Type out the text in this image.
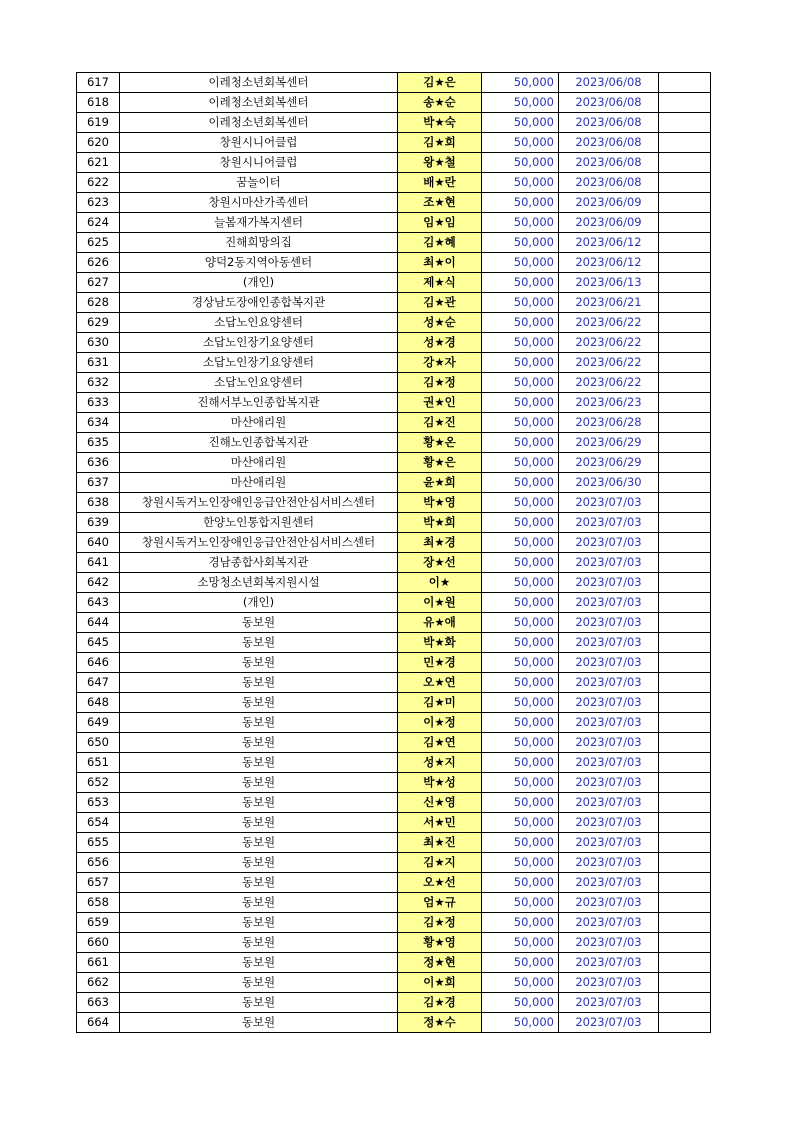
617	이레청소년회복센터	김★은	50,000	2023/06/08	
618	이레청소년회복센터	송★순	50,000	2023/06/08	
619	이레청소년회복센터	박★숙	50,000	2023/06/08	
620	창원시니어클럽	김★희	50,000	2023/06/08	
621	창원시니어클럽	왕★철	50,000	2023/06/08	
622	꿈놀이터	배★란	50,000	2023/06/08	
623	창원시마산가족센터	조★현	50,000	2023/06/09	
624	늘봄재가복지센터	임★임	50,000	2023/06/09	
625	진해희망의집	김★혜	50,000	2023/06/12	
626	양덕2동지역아동센터	최★이	50,000	2023/06/12	
627	(개인)	제★식	50,000	2023/06/13	
628	경상남도장애인종합복지관	김★관	50,000	2023/06/21	
629	소답노인요양센터	성★순	50,000	2023/06/22	
630	소답노인장기요양센터	성★경	50,000	2023/06/22	
631	소답노인장기요양센터	강★자	50,000	2023/06/22	
632	소답노인요양센터	김★정	50,000	2023/06/22	
633	진해서부노인종합복지관	권★인	50,000	2023/06/23	
634	마산애리원	김★진	50,000	2023/06/28	
635	진해노인종합복지관	황★온	50,000	2023/06/29	
636	마산애리원	황★은	50,000	2023/06/29	
637	마산애리원	윤★희	50,000	2023/06/30	
638	창원시독거노인장애인응급안전안심서비스센터	박★영	50,000	2023/07/03	
639	한양노인통합지원센터	박★희	50,000	2023/07/03	
640	창원시독거노인장애인응급안전안심서비스센터	최★경	50,000	2023/07/03	
641	경남종합사회복지관	장★선	50,000	2023/07/03	
642	소망청소년회복지원시설	이★	50,000	2023/07/03	
643	(개인)	이★원	50,000	2023/07/03	
644	동보원	유★애	50,000	2023/07/03	
645	동보원	박★화	50,000	2023/07/03	
646	동보원	민★경	50,000	2023/07/03	
647	동보원	오★연	50,000	2023/07/03	
648	동보원	김★미	50,000	2023/07/03	
649	동보원	이★정	50,000	2023/07/03	
650	동보원	김★연	50,000	2023/07/03	
651	동보원	성★지	50,000	2023/07/03	
652	동보원	박★성	50,000	2023/07/03	
653	동보원	신★영	50,000	2023/07/03	
654	동보원	서★민	50,000	2023/07/03	
655	동보원	최★진	50,000	2023/07/03	
656	동보원	김★지	50,000	2023/07/03	
657	동보원	오★선	50,000	2023/07/03	
658	동보원	엄★규	50,000	2023/07/03	
659	동보원	김★정	50,000	2023/07/03	
660	동보원	황★영	50,000	2023/07/03	
661	동보원	정★현	50,000	2023/07/03	
662	동보원	이★희	50,000	2023/07/03	
663	동보원	김★경	50,000	2023/07/03	
664	동보원	정★수	50,000	2023/07/03	
